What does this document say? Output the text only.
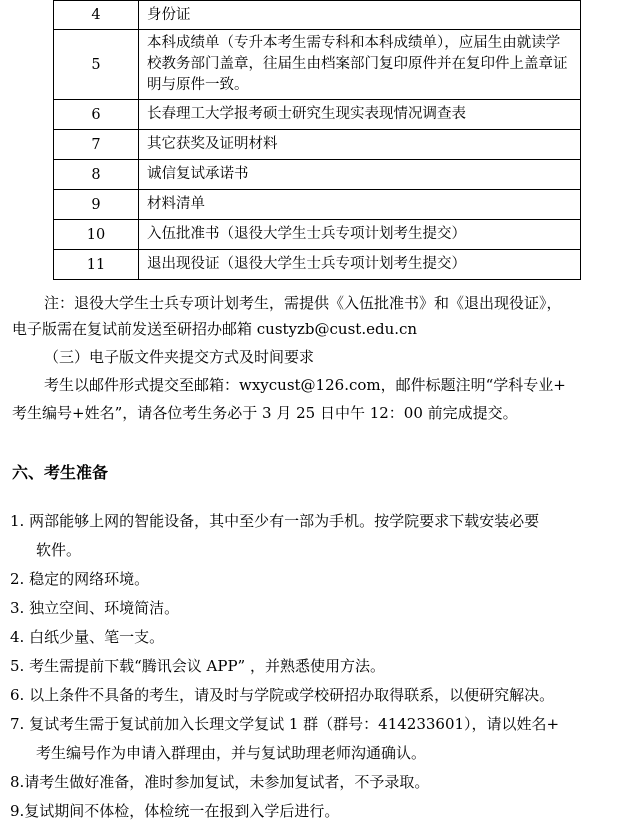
4	身份证
5	本科成绩单（专升本考生需专科和本科成绩单），应届生由就读学校教务部门盖章，往届生由档案部门复印原件并在复印件上盖章证明与原件一致。
6	长春理工大学报考硕士研究生现实表现情况调查表
7	其它获奖及证明材料
8	诚信复试承诺书
9	材料清单
10	入伍批准书（退役大学生士兵专项计划考生提交）
11	退出现役证（退役大学生士兵专项计划考生提交）
注：退役大学生士兵专项计划考生，需提供《入伍批准书》和《退出现役证》，
电子版需在复试前发送至研招办邮箱 custyzb@cust.edu.cn
（三）电子版文件夹提交方式及时间要求
考生以邮件形式提交至邮箱：wxycust@126.com，邮件标题注明“学科专业+
考生编号+姓名”，请各位考生务必于 3 月 25 日中午 12：00 前完成提交。
六、考生准备
1. 两部能够上网的智能设备，其中至少有一部为手机。按学院要求下载安装必要
软件。
2. 稳定的网络环境。
3. 独立空间、环境简洁。
4. 白纸少量、笔一支。
5. 考生需提前下载“腾讯会议 APP” ，并熟悉使用方法。
6. 以上条件不具备的考生，请及时与学院或学校研招办取得联系，以便研究解决。
7. 复试考生需于复试前加入长理文学复试 1 群（群号：414233601），请以姓名+
考生编号作为申请入群理由，并与复试助理老师沟通确认。
8.请考生做好准备，准时参加复试，未参加复试者，不予录取。
9.复试期间不体检，体检统一在报到入学后进行。
